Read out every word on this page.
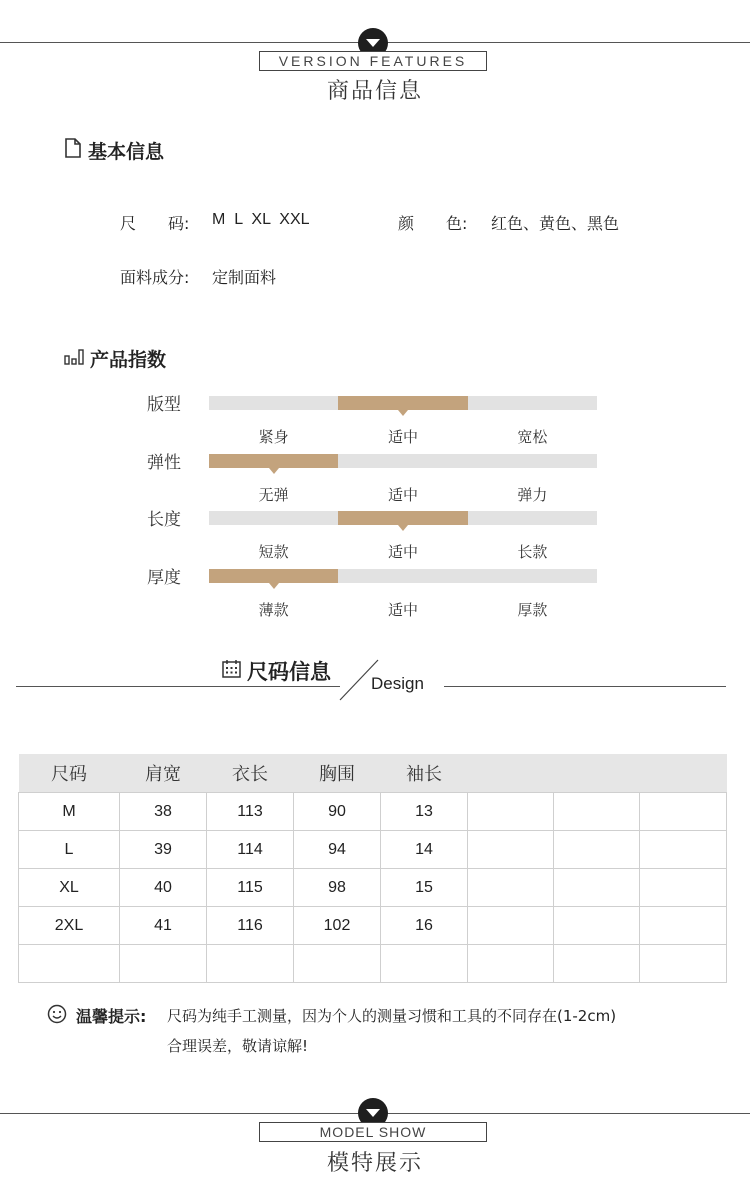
VERSION FEATURES
商品信息
基本信息
尺　　码: M  L  XL  XXL	颜　　色: 红色、黄色、黑色
面料成分: 定制面料
产品指数
版型
紧身	适中	宽松
弹性
无弹	适中	弹力
长度
短款	适中	长款
厚度
薄款	适中	厚款
尺码信息 Design
尺码	肩宽	衣长	胸围	袖长			
M	38	113	90	13			
L	39	114	94	14			
XL	40	115	98	15			
2XL	41	116	102	16			

温馨提示: 尺码为纯手工测量，因为个人的测量习惯和工具的不同存在(1-2cm)
合理误差，敬请谅解!
MODEL SHOW
模特展示
